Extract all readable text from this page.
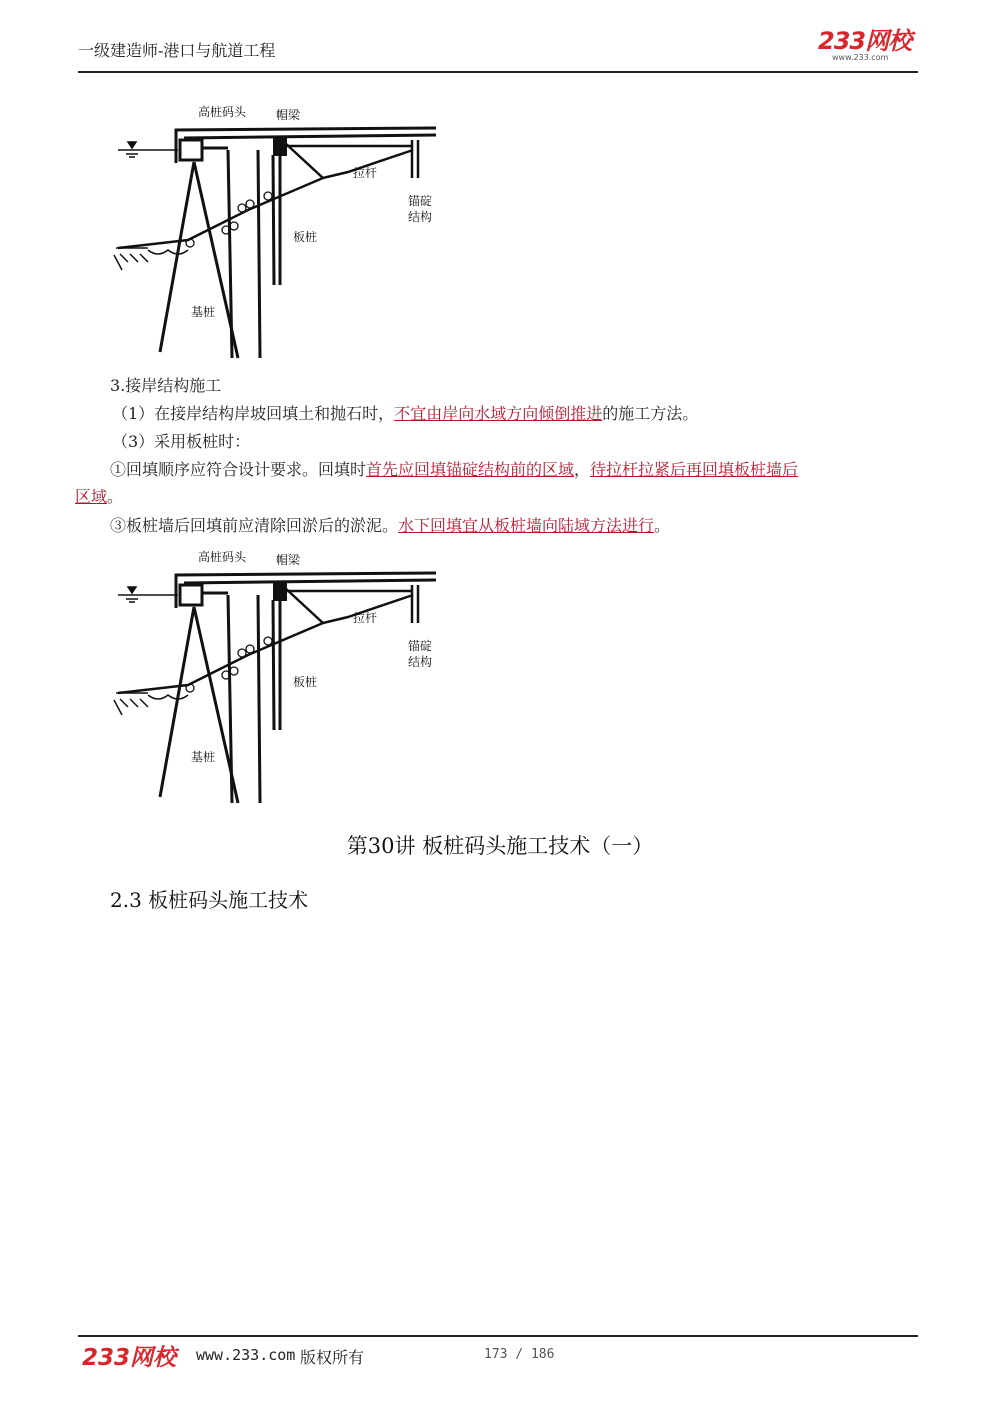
一级建造师-港口与航道工程	233网校
www.233.com
高桩码头 帽梁
拉杆
锚碇
结构
板桩
基桩
3.接岸结构施工
（1）在接岸结构岸坡回填土和抛石时，不宜由岸向水域方向倾倒推进的施工方法。
（3）采用板桩时：
①回填顺序应符合设计要求。回填时首先应回填锚碇结构前的区域，待拉杆拉紧后再回填板桩墙后
区域。
③板桩墙后回填前应清除回淤后的淤泥。水下回填宜从板桩墙向陆域方法进行。
高桩码头 帽梁
拉杆
锚碇
结构
板桩
基桩
第30讲 板桩码头施工技术（一）
2.3 板桩码头施工技术
233网校 www.233.com 版权所有	173 / 186
